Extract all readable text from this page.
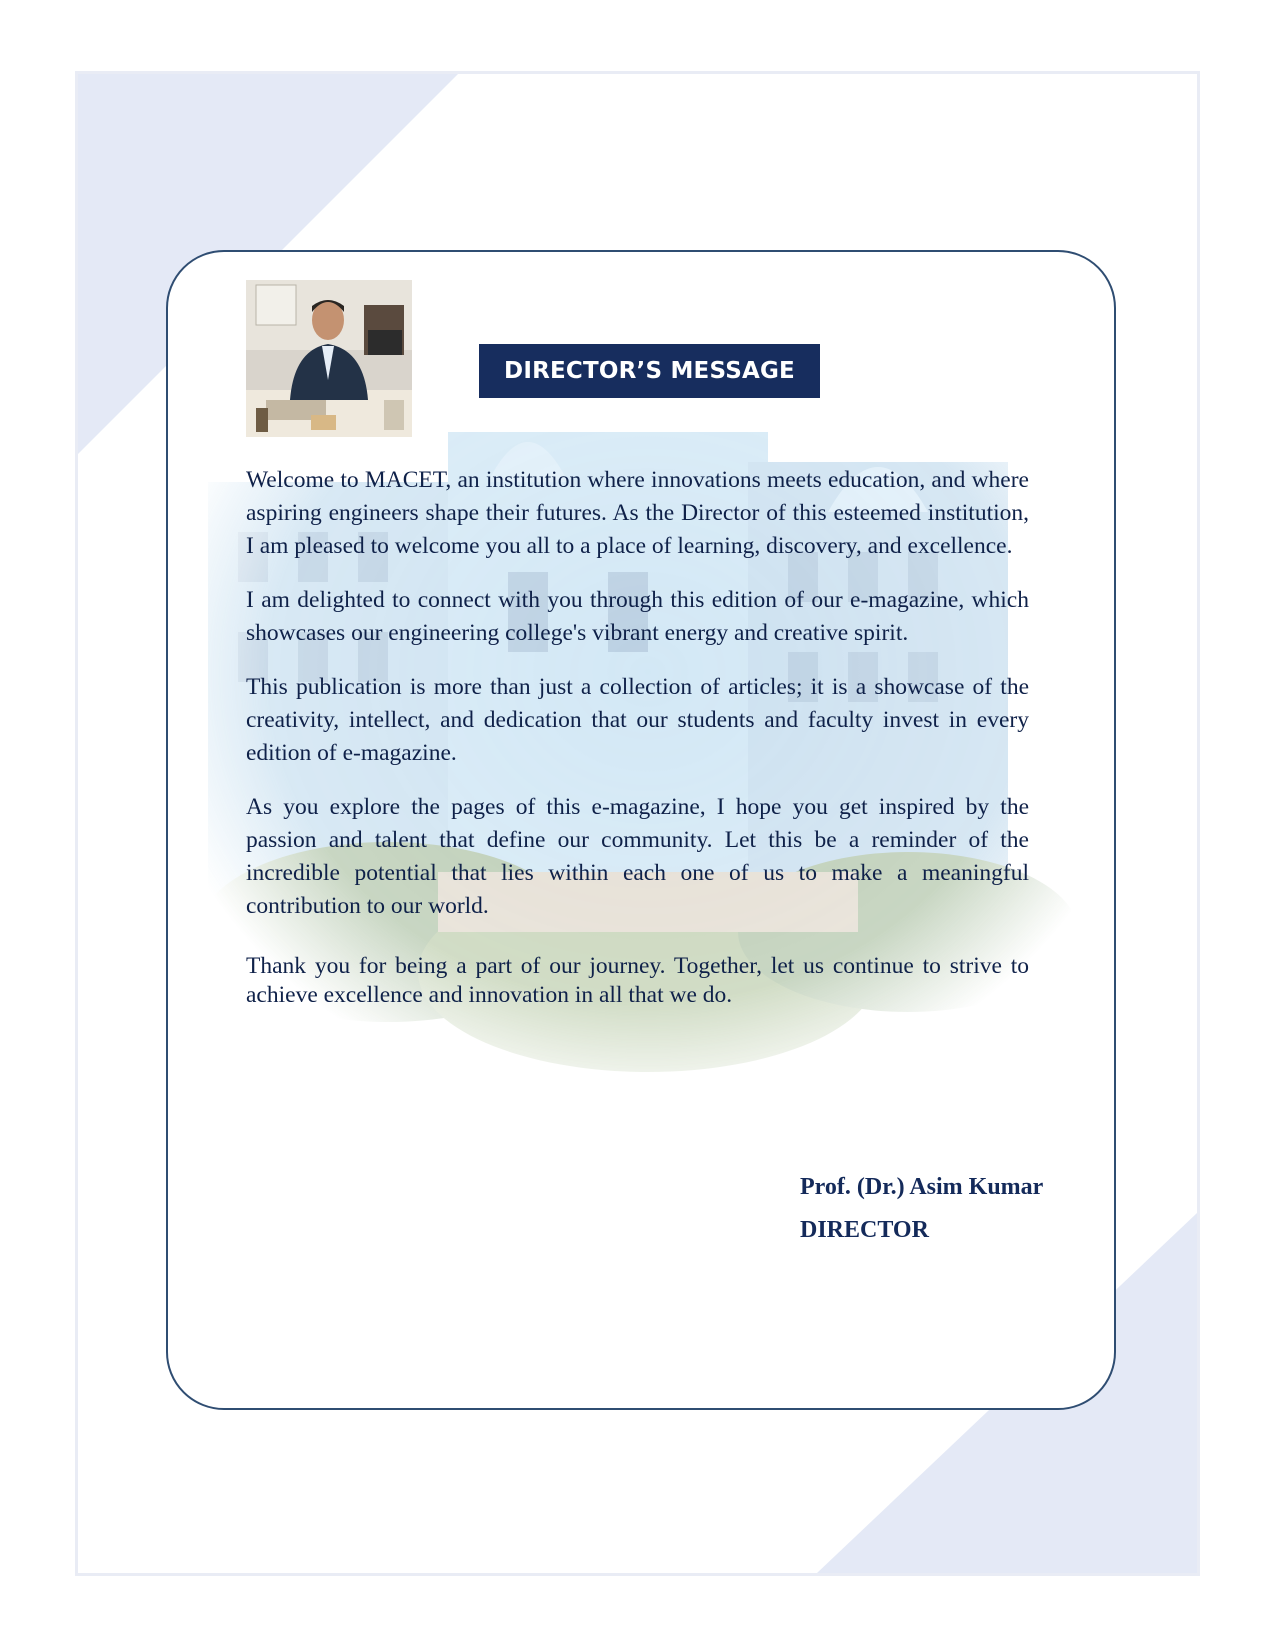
DIRECTOR’S MESSAGE

Welcome to MACET, an institution where innovations meets education, and where aspiring engineers shape their futures. As the Director of this esteemed institution, I am pleased to welcome you all to a place of learning, discovery, and excellence.

I am delighted to connect with you through this edition of our e-magazine, which showcases our engineering college's vibrant energy and creative spirit.

This publication is more than just a collection of articles; it is a showcase of the creativity, intellect, and dedication that our students and faculty invest in every edition of e-magazine.

As you explore the pages of this e-magazine, I hope you get inspired by the passion and talent that define our community. Let this be a reminder of the incredible potential that lies within each one of us to make a meaningful contribution to our world.

Thank you for being a part of our journey. Together, let us continue to strive to achieve excellence and innovation in all that we do.

Prof. (Dr.) Asim Kumar
DIRECTOR
